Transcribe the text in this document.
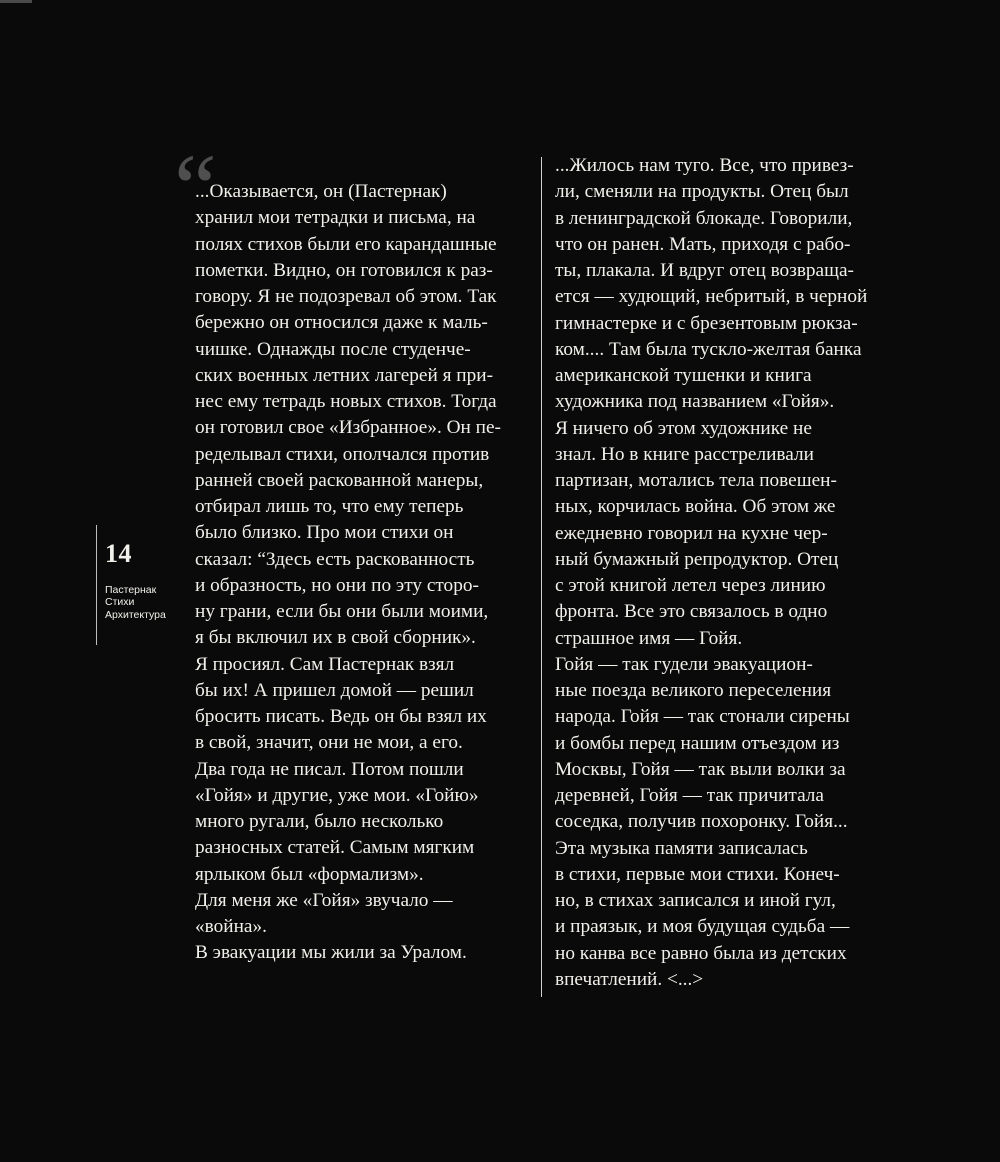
14
Пастернак
Стихи
Архитектура
“
...Оказывается, он (Пастернак)
хранил мои тетрадки и письма, на
полях стихов были его карандашные
пометки. Видно, он готовился к раз-
говору. Я не подозревал об этом. Так
бережно он относился даже к маль-
чишке. Однажды после студенче-
ских военных летних лагерей я при-
нес ему тетрадь новых стихов. Тогда
он готовил свое «Избранное». Он пе-
ределывал стихи, ополчался против
ранней своей раскованной манеры,
отбирал лишь то, что ему теперь
было близко. Про мои стихи он
сказал: “Здесь есть раскованность
и образность, но они по эту сторо-
ну грани, если бы они были моими,
я бы включил их в свой сборник».
Я просиял. Сам Пастернак взял
бы их! А пришел домой — решил
бросить писать. Ведь он бы взял их
в свой, значит, они не мои, а его.
Два года не писал. Потом пошли
«Гойя» и другие, уже мои. «Гойю»
много ругали, было несколько
разносных статей. Самым мягким
ярлыком был «формализм».
Для меня же «Гойя» звучало —
«война».
В эвакуации мы жили за Уралом.
...Жилось нам туго. Все, что привез-
ли, сменяли на продукты. Отец был
в ленинградской блокаде. Говорили,
что он ранен. Мать, приходя с рабо-
ты, плакала. И вдруг отец возвраща-
ется — худющий, небритый, в черной
гимнастерке и с брезентовым рюкза-
ком.... Там была тускло-желтая банка
американской тушенки и книга
художника под названием «Гойя».
Я ничего об этом художнике не
знал. Но в книге расстреливали
партизан, мотались тела повешен-
ных, корчилась война. Об этом же
ежедневно говорил на кухне чер-
ный бумажный репродуктор. Отец
с этой книгой летел через линию
фронта. Все это связалось в одно
страшное имя — Гойя.
Гойя — так гудели эвакуацион-
ные поезда великого переселения
народа. Гойя — так стонали сирены
и бомбы перед нашим отъездом из
Москвы, Гойя — так выли волки за
деревней, Гойя — так причитала
соседка, получив похоронку. Гойя...
Эта музыка памяти записалась
в стихи, первые мои стихи. Конеч-
но, в стихах записался и иной гул,
и праязык, и моя будущая судьба —
но канва все равно была из детских
впечатлений. <...>
